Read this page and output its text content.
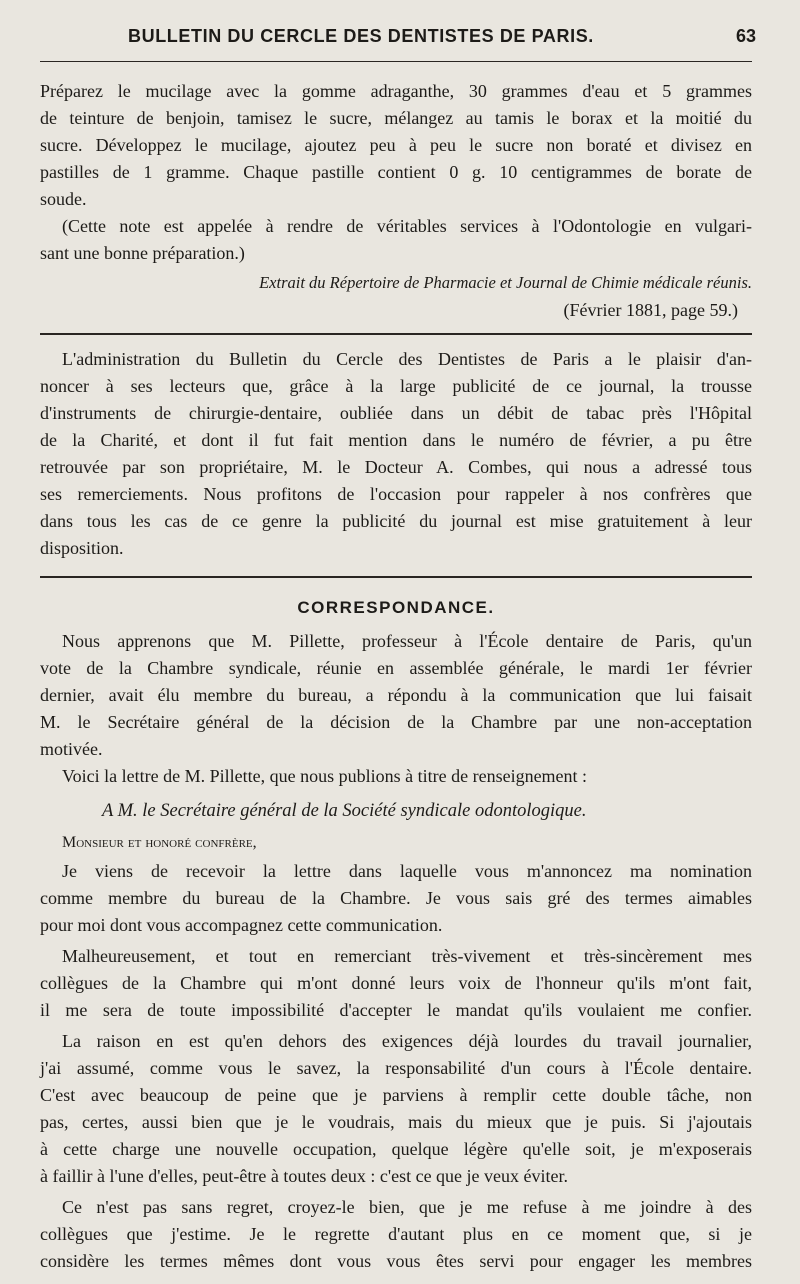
BULLETIN DU CERCLE DES DENTISTES DE PARIS.	63
Préparez le mucilage avec la gomme adraganthe, 30 grammes d'eau et 5 grammes
de teinture de benjoin, tamisez le sucre, mélangez au tamis le borax et la moitié du
sucre. Développez le mucilage, ajoutez peu à peu le sucre non boraté et divisez en
pastilles de 1 gramme. Chaque pastille contient 0 g. 10 centigrammes de borate de
soude.
(Cette note est appelée à rendre de véritables services à l'Odontologie en vulgari-
sant une bonne préparation.)
Extrait du Répertoire de Pharmacie et Journal de Chimie médicale réunis.
(Février 1881, page 59.)
L'administration du Bulletin du Cercle des Dentistes de Paris a le plaisir d'an-
noncer à ses lecteurs que, grâce à la large publicité de ce journal, la trousse
d'instruments de chirurgie-dentaire, oubliée dans un débit de tabac près l'Hôpital
de la Charité, et dont il fut fait mention dans le numéro de février, a pu être
retrouvée par son propriétaire, M. le Docteur A. Combes, qui nous a adressé tous
ses remerciements. Nous profitons de l'occasion pour rappeler à nos confrères que
dans tous les cas de ce genre la publicité du journal est mise gratuitement à leur
disposition.
CORRESPONDANCE.
Nous apprenons que M. Pillette, professeur à l'École dentaire de Paris, qu'un
vote de la Chambre syndicale, réunie en assemblée générale, le mardi 1er février
dernier, avait élu membre du bureau, a répondu à la communication que lui faisait
M. le Secrétaire général de la décision de la Chambre par une non-acceptation
motivée.
Voici la lettre de M. Pillette, que nous publions à titre de renseignement :
A M. le Secrétaire général de la Société syndicale odontologique.
Monsieur et honoré confrère,
Je viens de recevoir la lettre dans laquelle vous m'annoncez ma nomination
comme membre du bureau de la Chambre. Je vous sais gré des termes aimables
pour moi dont vous accompagnez cette communication.
Malheureusement, et tout en remerciant très-vivement et très-sincèrement mes
collègues de la Chambre qui m'ont donné leurs voix de l'honneur qu'ils m'ont fait,
il me sera de toute impossibilité d'accepter le mandat qu'ils voulaient me confier.
La raison en est qu'en dehors des exigences déjà lourdes du travail journalier,
j'ai assumé, comme vous le savez, la responsabilité d'un cours à l'École dentaire.
C'est avec beaucoup de peine que je parviens à remplir cette double tâche, non
pas, certes, aussi bien que je le voudrais, mais du mieux que je puis. Si j'ajoutais
à cette charge une nouvelle occupation, quelque légère qu'elle soit, je m'exposerais
à faillir à l'une d'elles, peut-être à toutes deux : c'est ce que je veux éviter.
Ce n'est pas sans regret, croyez-le bien, que je me refuse à me joindre à des
collègues que j'estime. Je le regrette d'autant plus en ce moment que, si je
considère les termes mêmes dont vous vous êtes servi pour engager les membres
